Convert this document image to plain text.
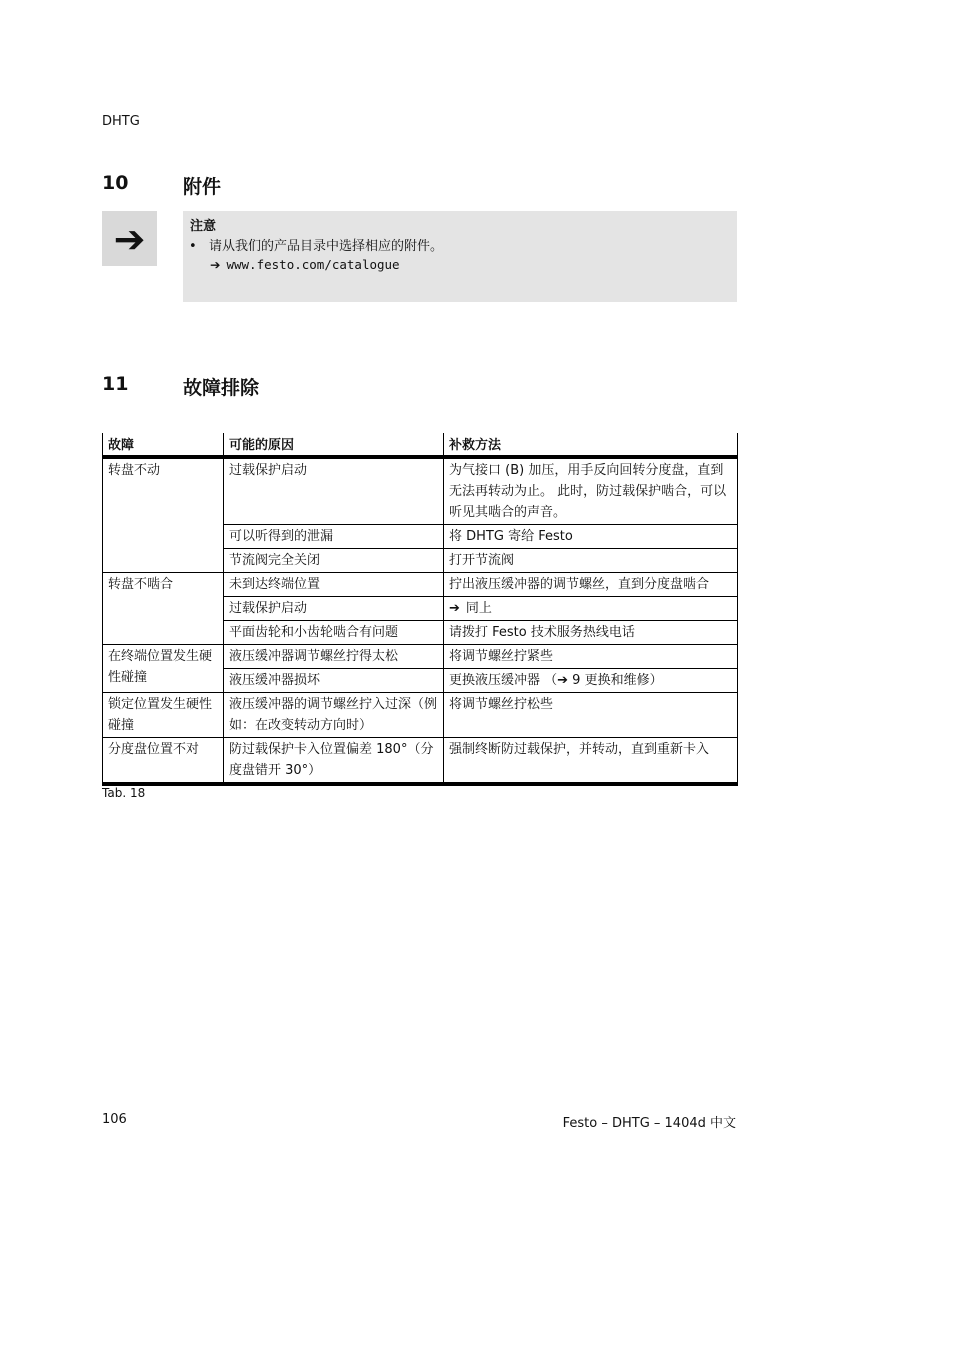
DHTG
10	附件
➔	注意
• 请从我们的产品目录中选择相应的附件。
➔ www.festo.com/catalogue
11	故障排除
故障	可能的原因	补救方法
转盘不动	过载保护启动	为气接口 (B) 加压，用手反向回转分度盘，直到无法再转动为止。 此时，防过载保护啮合，可以听见其啮合的声音。
	可以听得到的泄漏	将 DHTG 寄给 Festo
	节流阀完全关闭	打开节流阀
转盘不啮合	未到达终端位置	拧出液压缓冲器的调节螺丝，直到分度盘啮合
	过载保护启动	➔ 同上
	平面齿轮和小齿轮啮合有问题	请拨打 Festo 技术服务热线电话
在终端位置发生硬性碰撞	液压缓冲器调节螺丝拧得太松	将调节螺丝拧紧些
	液压缓冲器损坏	更换液压缓冲器 （➔ 9 更换和维修）
锁定位置发生硬性碰撞	液压缓冲器的调节螺丝拧入过深（例如：在改变转动方向时）	将调节螺丝拧松些
分度盘位置不对	防过载保护卡入位置偏差 180°（分度盘错开 30°）	强制终断防过载保护，并转动，直到重新卡入
Tab. 18
106	Festo – DHTG – 1404d 中文
